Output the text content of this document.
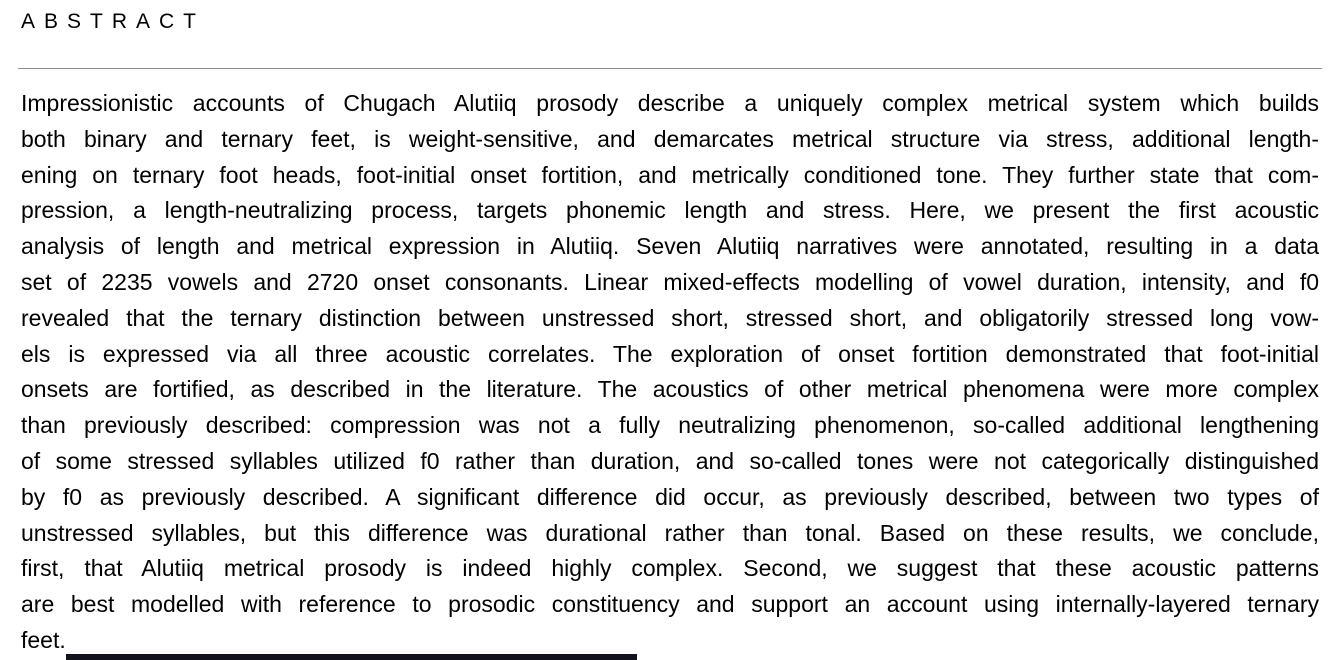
ABSTRACT
Impressionistic accounts of Chugach Alutiiq prosody describe a uniquely complex metrical system which builds
both binary and ternary feet, is weight-sensitive, and demarcates metrical structure via stress, additional length-
ening on ternary foot heads, foot-initial onset fortition, and metrically conditioned tone. They further state that com-
pression, a length-neutralizing process, targets phonemic length and stress. Here, we present the first acoustic
analysis of length and metrical expression in Alutiiq. Seven Alutiiq narratives were annotated, resulting in a data
set of 2235 vowels and 2720 onset consonants. Linear mixed-effects modelling of vowel duration, intensity, and f0
revealed that the ternary distinction between unstressed short, stressed short, and obligatorily stressed long vow-
els is expressed via all three acoustic correlates. The exploration of onset fortition demonstrated that foot-initial
onsets are fortified, as described in the literature. The acoustics of other metrical phenomena were more complex
than previously described: compression was not a fully neutralizing phenomenon, so-called additional lengthening
of some stressed syllables utilized f0 rather than duration, and so-called tones were not categorically distinguished
by f0 as previously described. A significant difference did occur, as previously described, between two types of
unstressed syllables, but this difference was durational rather than tonal. Based on these results, we conclude,
first, that Alutiiq metrical prosody is indeed highly complex. Second, we suggest that these acoustic patterns
are best modelled with reference to prosodic constituency and support an account using internally-layered ternary
feet.
